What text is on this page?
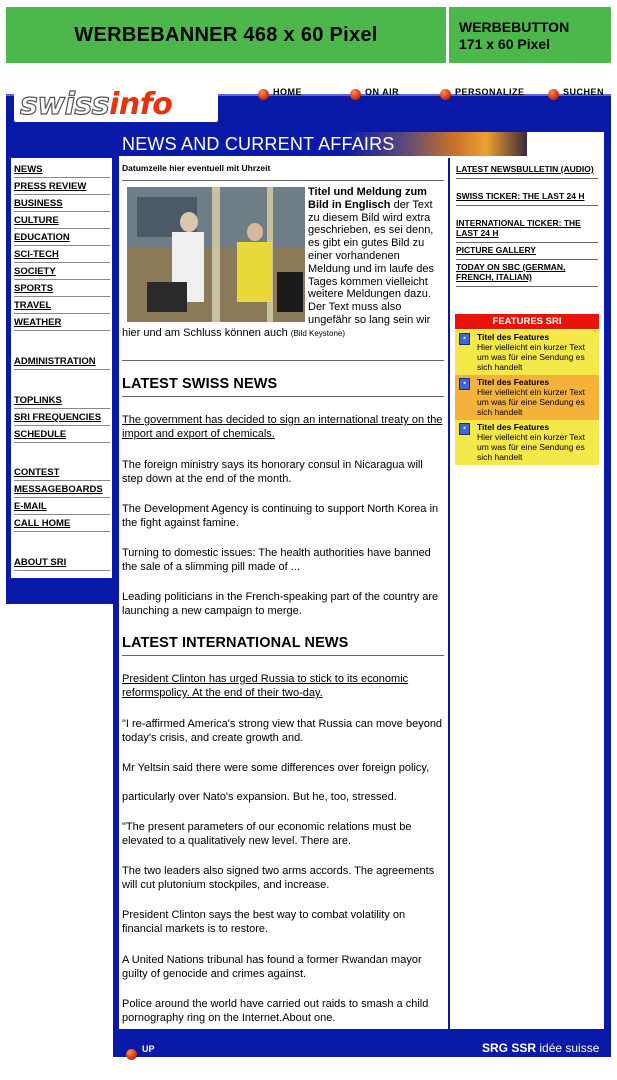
WERBEBANNER 468 x 60 Pixel	WERBEBUTTON
171 x 60 Pixel
swiss info	HOME	ON AIR	PERSONALIZE	SUCHEN
NEWS AND CURRENT AFFAIRS
NEWS
PRESS REVIEW
BUSINESS
CULTURE
EDUCATION
SCI-TECH
SOCIETY
SPORTS
TRAVEL
WEATHER
ADMINISTRATION
TOPLINKS
SRI FREQUENCIES
SCHEDULE
CONTEST
MESSAGEBOARDS
E-MAIL
CALL HOME
ABOUT SRI
Datumzeile hier eventuell mit Uhrzeit
Titel und Meldung zum Bild in Englisch der Text zu diesem Bild wird extra geschrieben, es sei denn, es gibt ein gutes Bild zu einer vorhandenen Meldung und im laufe des Tages kommen vielleicht weitere Meldungen dazu. Der Text muss also ungefähr so lang sein wir hier und am Schluss können auch (Bild Keystone)
LATEST SWISS NEWS
The government has decided to sign an international treaty on the import and export of chemicals.
The foreign ministry says its honorary consul in Nicaragua will step down at the end of the month.
The Development Agency is continuing to support North Korea in the fight against famine.
Turning to domestic issues: The health authorities have banned the sale of a slimming pill made of ...
Leading politicians in the French-speaking part of the country are launching a new campaign to merge.
LATEST INTERNATIONAL NEWS
President Clinton has urged Russia to stick to its economic reformspolicy. At the end of their two-day.
"I re-affirmed America's strong view that Russia can move beyond today's crisis, and create growth and.
Mr Yeltsin said there were some differences over foreign policy,
particularly over Nato's expansion. But he, too, stressed.
"The present parameters of our economic relations must be elevated to a qualitatively new level. There are.
The two leaders also signed two arms accords. The agreements will cut plutonium stockpiles, and increase.
President Clinton says the best way to combat volatility on financial markets is to restore.
A United Nations tribunal has found a former Rwandan mayor guilty of genocide and crimes against.
Police around the world have carried out raids to smash a child pornography ring on the Internet.About one.
LATEST NEWSBULLETIN (AUDIO)
SWISS TICKER: THE LAST 24 H
INTERNATIONAL TICKER: THE LAST 24 H
PICTURE GALLERY
TODAY ON SBC (GERMAN, FRENCH, ITALIAN)
FEATURES SRI
▪	Titel des Features
Hier vielleicht ein kurzer Text um was für eine Sendung es sich handelt
▪	Titel des Features
Hier vielleicht ein kurzer Text um was für eine Sendung es sich handelt
▪	Titel des Features
Hier vielleicht ein kurzer Text um was für eine Sendung es sich handelt
UP	SRG SSR idée suisse
